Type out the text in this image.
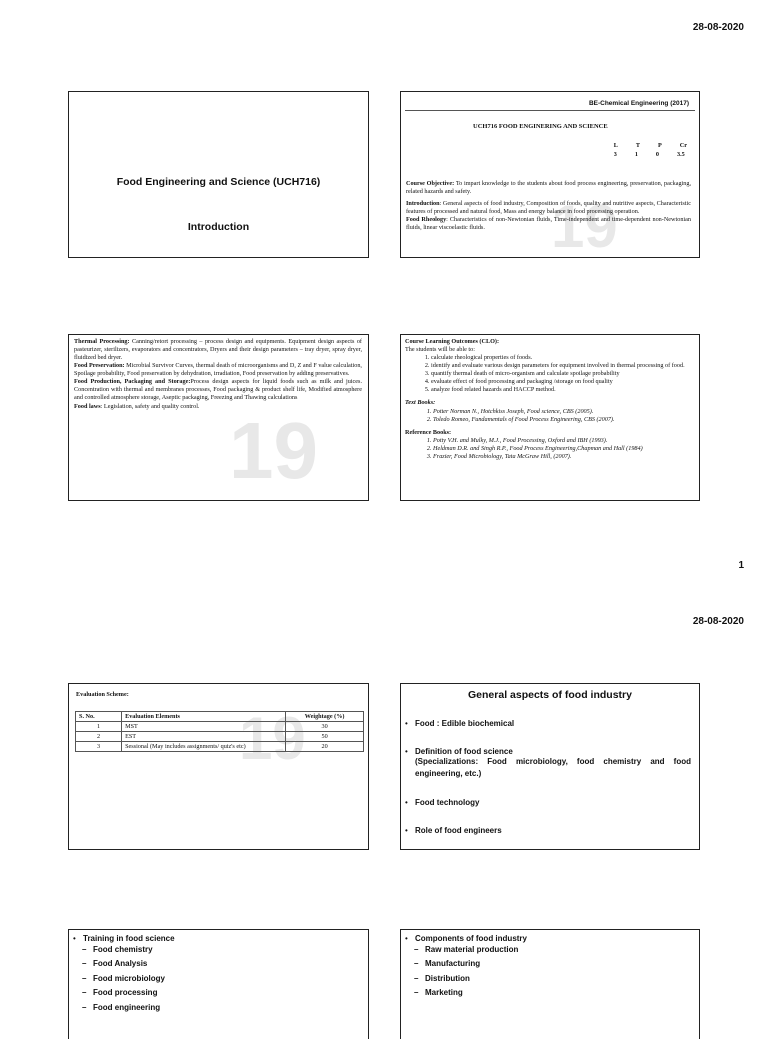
28-08-2020
Food Engineering and Science (UCH716)
Introduction	19
BE-Chemical Engineering (2017)
UCH716 FOOD ENGINERING AND SCIENCE
L	T	P	Cr
3	1	0	3.5

Course Objective: To impart knowledge to the students about food process engineering, preservation, packaging, related hazards and safety.

Introduction: General aspects of food industry, Composition of foods, quality and nutritive aspects, Characteristic features of processed and natural food, Mass and energy balance in food processing operation.

Food Rheology: Characteristics of non-Newtonian fluids, Time-independent and time-dependent non-Newtonian fluids, linear viscoelastic fluids.

19

Thermal Processing: Canning/retort processing – process design and equipments. Equipment design aspects of pasteurizer, sterilizers, evaporators and concentrators, Dryers and their design parameters – tray dryer, spray dryer, fluidized bed dryer.

Food Preservation: Microbial Survivor Curves, thermal death of microorganisms and D, Z and F value calculation, Spoilage probability, Food preservation by dehydration, irradiation, Food preservation by adding preservatives.

Food Production, Packaging and Storage:Process design aspects for liquid foods such as milk and juices. Concentration with thermal and membranes processes, Food packaging & product shelf life, Modified atmosphere and controlled atmosphere storage, Aseptic packaging, Freezing and Thawing calculations

Food laws: Legislation, safety and quality control.

Course Learning Outcomes (CLO):

The students will be able to:

1. calculate rheological properties of foods.
2. identify and evaluate various design parameters for equipment involved in thermal processing of food.
3. quantify thermal death of micro-organism and calculate spoilage probability
4. evaluate effect of food processing and packaging /storage on food quality
5. analyze food related hazards and HACCP method.

Text Books:

1. Potter Norman N., Hotchkiss Joseph, Food science, CBS (2005).
2. Toledo Romeo, Fundamentals of Food Process Engineering, CBS (2007).

Reference Books:

1. Potty V.H. and Mulky, M.J., Food Processing, Oxford and IBH (1993).
2. Heldman D.R. and Singh R.P., Food Process Engineering,Chapman and Hall (1984)
3. Frazier, Food Microbiology, Tata McGraw Hill, (2007).
1
28-08-2020
19
Evaluation Scheme:
S. No.	Evaluation Elements	Weightage (%)
1	MST	30
2	EST	50
3	Sessional (May includes assignments/ quiz's etc)	20
General aspects of food industry
• Food : Edible biochemical
• Definition of food science
(Specializations: Food microbiology, food chemistry and food engineering, etc.)
• Food technology
• Role of food engineers
• Training in food science
– Food chemistry
– Food Analysis
– Food microbiology
– Food processing
– Food engineering
• Components of food industry
– Raw material production
– Manufacturing
– Distribution
– Marketing
